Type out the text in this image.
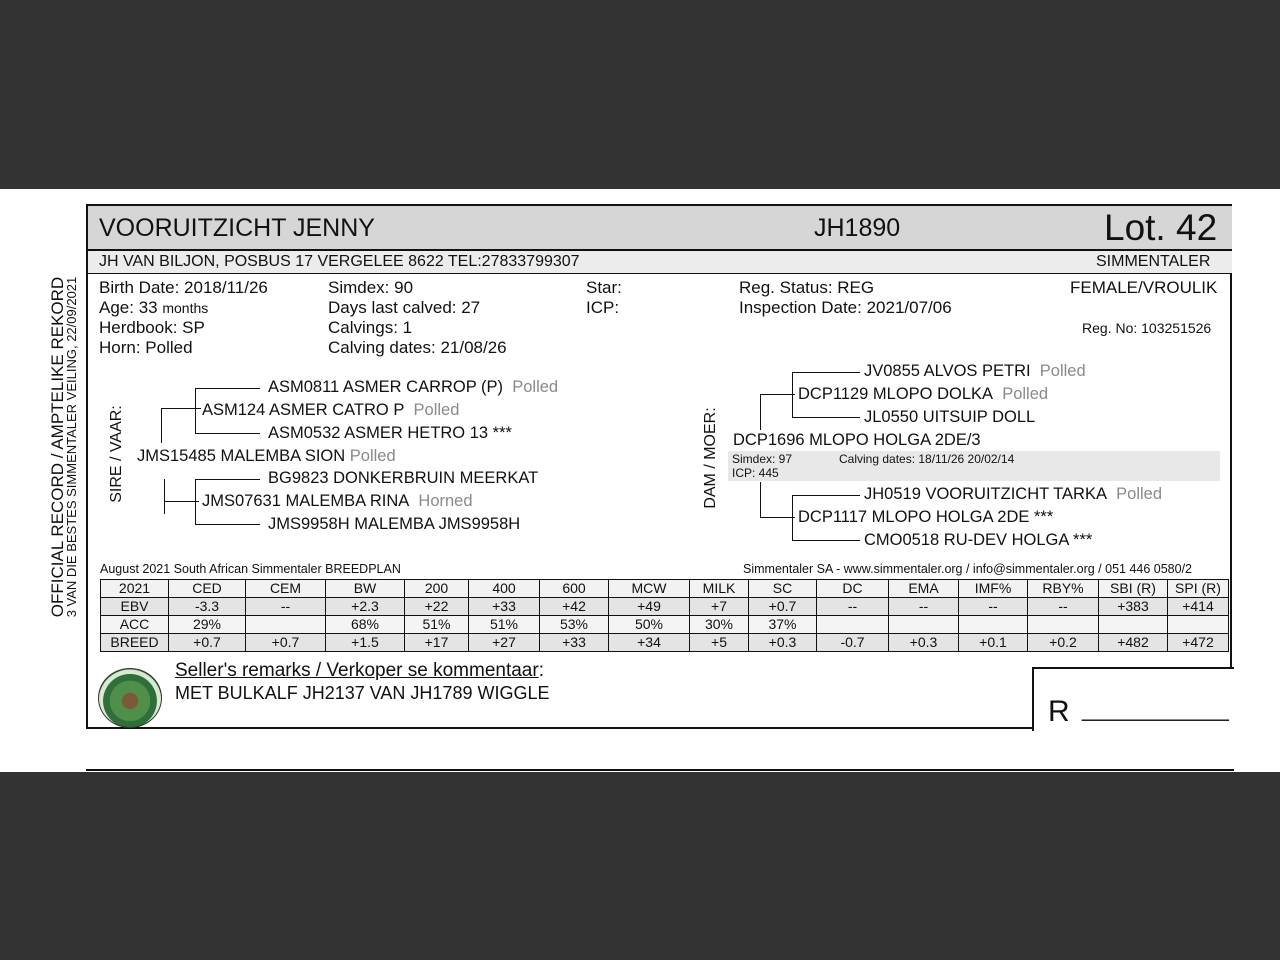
OFFICIAL RECORD / AMPTELIKE REKORD
3 VAN DIE BESTES SIMMENTALER VEILING, 22/09/2021
VOORUITZICHT JENNY	JH1890	Lot. 42
JH VAN BILJON, POSBUS 17 VERGELEE 8622 TEL:27833799307	SIMMENTALER
Birth Date: 2018/11/26
Age: 33 months
Herdbook: SP
Horn: Polled
Simdex: 90
Days last calved: 27
Calvings: 1
Calving dates: 21/08/26
Star:
ICP:
Reg. Status: REG
Inspection Date: 2021/07/06
FEMALE/VROULIK
Reg. No: 103251526
SIRE / VAAR:
ASM0811 ASMER CARROP (P) Polled
ASM124 ASMER CATRO P Polled
ASM0532 ASMER HETRO 13 ***
JMS15485 MALEMBA SION Polled
BG9823 DONKERBRUIN MEERKAT
JMS07631 MALEMBA RINA Horned
JMS9958H MALEMBA JMS9958H
DAM / MOER:
JV0855 ALVOS PETRI Polled
DCP1129 MLOPO DOLKA Polled
JL0550 UITSUIP DOLL
DCP1696 MLOPO HOLGA 2DE/3
Simdex: 97	Calving dates: 18/11/26 20/02/14
ICP: 445
JH0519 VOORUITZICHT TARKA Polled
DCP1117 MLOPO HOLGA 2DE ***
CMO0518 RU-DEV HOLGA ***
August 2021 South African Simmentaler BREEDPLAN	Simmentaler SA - www.simmentaler.org / info@simmentaler.org / 051 446 0580/2
2021	CED	CEM	BW	200	400	600	MCW	MILK	SC	DC	EMA	IMF%	RBY%	SBI (R)	SPI (R)
EBV	-3.3	--	+2.3	+22	+33	+42	+49	+7	+0.7	--	--	--	--	+383	+414
ACC	29%		68%	51%	51%	53%	50%	30%	37%						
BREED	+0.7	+0.7	+1.5	+17	+27	+33	+34	+5	+0.3	-0.7	+0.3	+0.1	+0.2	+482	+472
Seller's remarks / Verkoper se kommentaar:
MET BULKALF JH2137 VAN JH1789 WIGGLE
R ___________
